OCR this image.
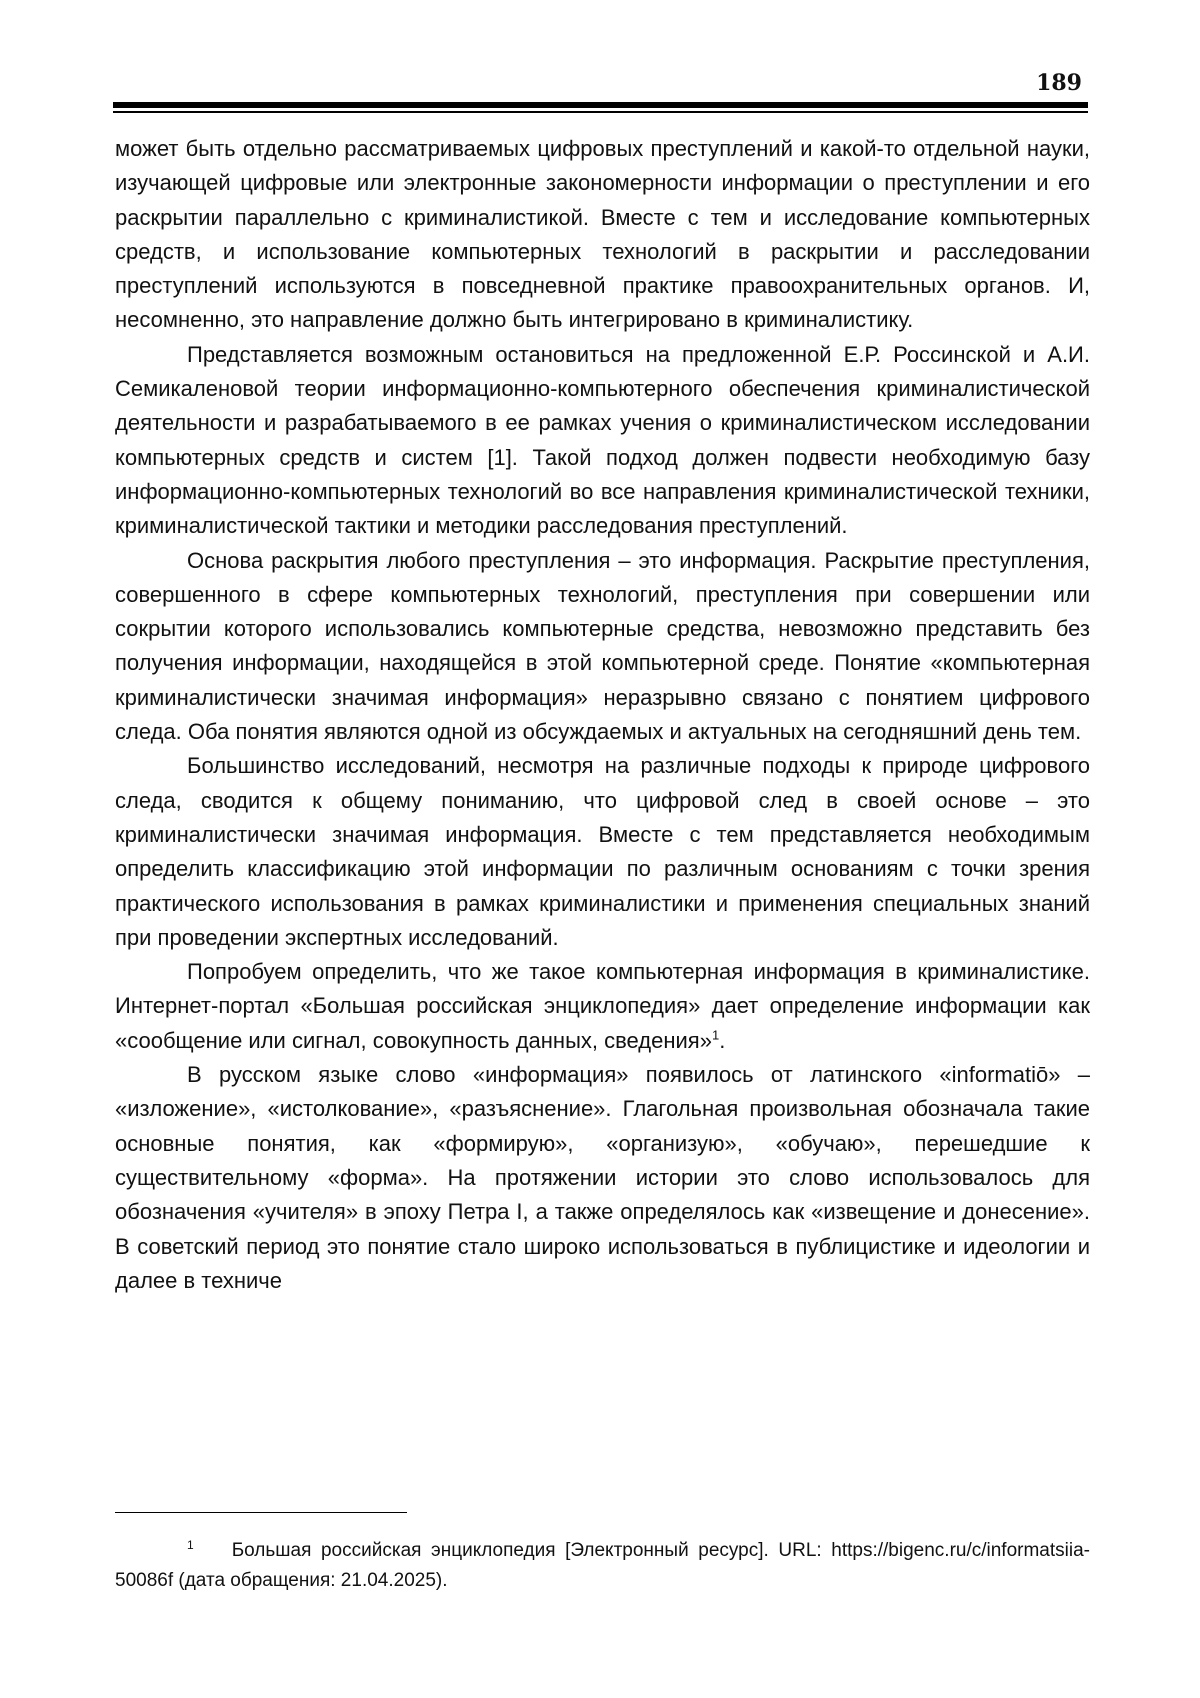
189

может быть отдельно рассматриваемых цифровых преступлений и какой-то отдельной науки, изучающей цифровые или электронные закономерности информации о преступлении и его раскрытии параллельно с криминалистикой. Вместе с тем и исследование компьютерных средств, и использование компьютерных технологий в раскрытии и расследовании преступлений используются в повседневной практике правоохранительных органов. И, несомненно, это направление должно быть интегрировано в криминалистику.

Представляется возможным остановиться на предложенной Е.Р. Россинской и А.И. Семикаленовой теории информационно-компьютерного обеспечения криминалистической деятельности и разрабатываемого в ее рамках учения о криминалистическом исследовании компьютерных средств и систем [1]. Такой подход должен подвести необходимую базу информационно-компьютерных технологий во все направления криминалистической техники, криминалистической тактики и методики расследования преступлений.

Основа раскрытия любого преступления – это информация. Раскрытие преступления, совершенного в сфере компьютерных технологий, преступления при совершении или сокрытии которого использовались компьютерные средства, невозможно представить без получения информации, находящейся в этой компьютерной среде. Понятие «компьютерная криминалистически значимая информация» неразрывно связано с понятием цифрового следа. Оба понятия являются одной из обсуждаемых и актуальных на сегодняшний день тем.

Большинство исследований, несмотря на различные подходы к природе цифрового следа, сводится к общему пониманию, что цифровой след в своей основе – это криминалистически значимая информация. Вместе с тем представляется необходимым определить классификацию этой информации по различным основаниям с точки зрения практического использования в рамках криминалистики и применения специальных знаний при проведении экспертных исследований.

Попробуем определить, что же такое компьютерная информация в криминалистике. Интернет-портал «Большая российская энциклопедия» дает определение информации как «сообщение или сигнал, совокупность данных, сведения»$^1$.

В русском языке слово «информация» появилось от латинского «informatiō» – «изложение», «истолкование», «разъяснение». Глагольная произвольная обозначала такие основные понятия, как «формирую», «организую», «обучаю», перешедшие к существительному «форма». На протяжении истории это слово использовалось для обозначения «учителя» в эпоху Петра I, а также определялось как «извещение и донесение». В советский период это понятие стало широко использоваться в публицистике и идеологии и далее в техниче

$^1$ Большая российская энциклопедия [Электронный ресурс]. URL: https://bigenc.ru/c/informatsiia-50086f (дата обращения: 21.04.2025).
